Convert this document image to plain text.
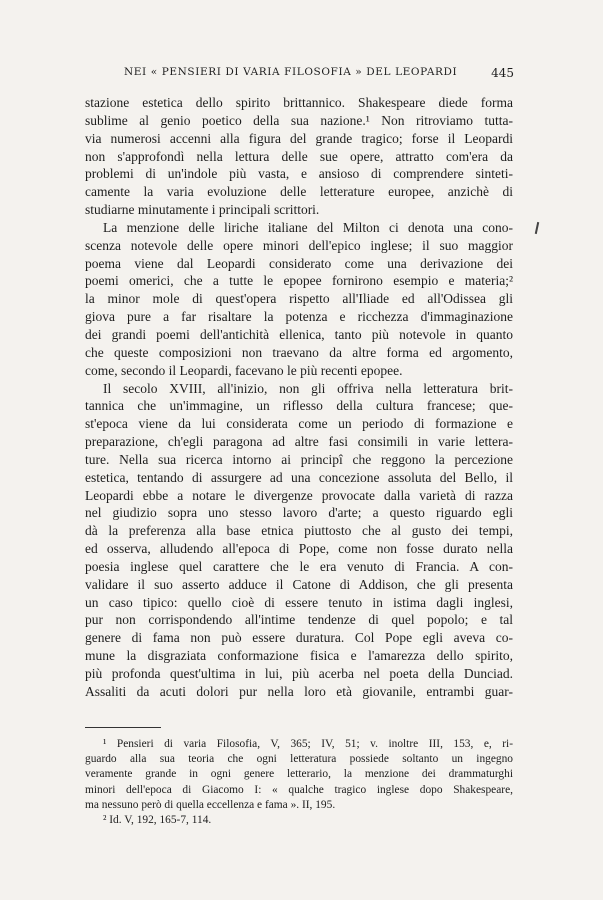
NEI « PENSIERI DI VARIA FILOSOFIA » DEL LEOPARDI	445
stazione estetica dello spirito brittannico. Shakespeare diede forma
sublime al genio poetico della sua nazione.¹ Non ritroviamo tutta-
via numerosi accenni alla figura del grande tragico; forse il Leopardi
non s'approfondì nella lettura delle sue opere, attratto com'era da
problemi di un'indole più vasta, e ansioso di comprendere sinteti-
camente la varia evoluzione delle letterature europee, anzichè di
studiarne minutamente i principali scrittori.
La menzione delle liriche italiane del Milton ci denota una cono-
scenza notevole delle opere minori dell'epico inglese; il suo maggior
poema viene dal Leopardi considerato come una derivazione dei
poemi omerici, che a tutte le epopee fornirono esempio e materia;²
la minor mole di quest'opera rispetto all'Iliade ed all'Odissea gli
giova pure a far risaltare la potenza e ricchezza d'immaginazione
dei grandi poemi dell'antichità ellenica, tanto più notevole in quanto
che queste composizioni non traevano da altre forma ed argomento,
come, secondo il Leopardi, facevano le più recenti epopee.
Il secolo XVIII, all'inizio, non gli offriva nella letteratura brit-
tannica che un'immagine, un riflesso della cultura francese; que-
st'epoca viene da lui considerata come un periodo di formazione e
preparazione, ch'egli paragona ad altre fasi consimili in varie lettera-
ture. Nella sua ricerca intorno ai principî che reggono la percezione
estetica, tentando di assurgere ad una concezione assoluta del Bello, il
Leopardi ebbe a notare le divergenze provocate dalla varietà di razza
nel giudizio sopra uno stesso lavoro d'arte; a questo riguardo egli
dà la preferenza alla base etnica piuttosto che al gusto dei tempi,
ed osserva, alludendo all'epoca di Pope, come non fosse durato nella
poesia inglese quel carattere che le era venuto di Francia. A con-
validare il suo asserto adduce il Catone di Addison, che gli presenta
un caso tipico: quello cioè di essere tenuto in istima dagli inglesi,
pur non corrispondendo all'intime tendenze di quel popolo; e tal
genere di fama non può essere duratura. Col Pope egli aveva co-
mune la disgraziata conformazione fisica e l'amarezza dello spirito,
più profonda quest'ultima in lui, più acerba nel poeta della Dunciad.
Assaliti da acuti dolori pur nella loro età giovanile, entrambi guar-
¹ Pensieri di varia Filosofia, V, 365; IV, 51; v. inoltre III, 153, e, ri-
guardo alla sua teoria che ogni letteratura possiede soltanto un ingegno
veramente grande in ogni genere letterario, la menzione dei drammaturghi
minori dell'epoca di Giacomo I: « qualche tragico inglese dopo Shakespeare,
ma nessuno però di quella eccellenza e fama ». II, 195.
² Id. V, 192, 165-7, 114.
